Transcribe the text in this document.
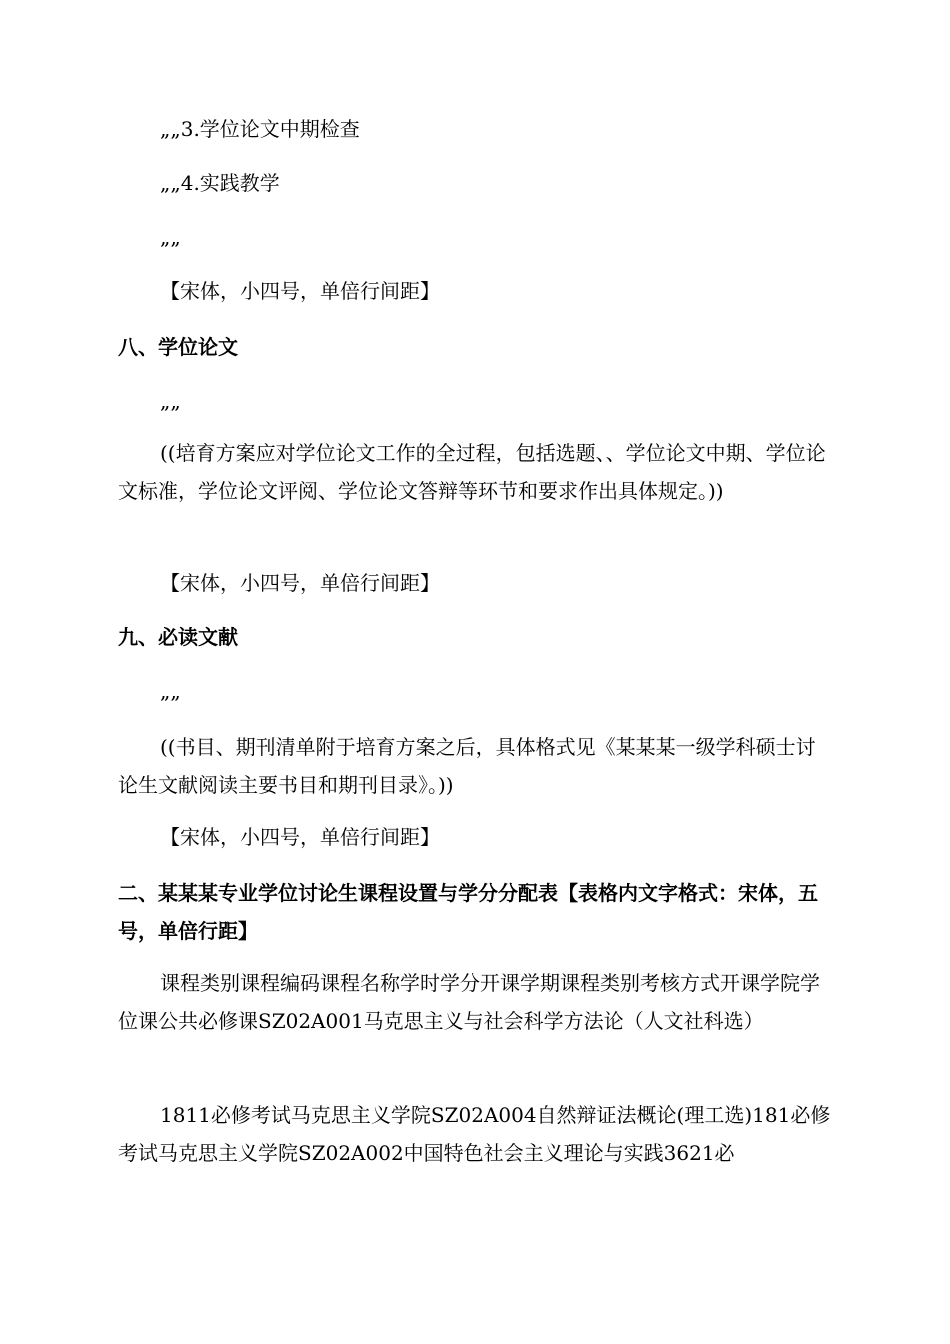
„„3.学位论文中期检查

„„4.实践教学

„„

【宋体，小四号，单倍行间距】

八、学位论文

„„

((培育方案应对学位论文工作的全过程，包括选题、、学位论文中期、学位论文标准，学位论文评阅、学位论文答辩等环节和要求作出具体规定。))

【宋体，小四号，单倍行间距】

九、必读文献

„„

((书目、期刊清单附于培育方案之后，具体格式见《某某某一级学科硕士讨论生文献阅读主要书目和期刊目录》。))

【宋体，小四号，单倍行间距】

二、某某某专业学位讨论生课程设置与学分分配表【表格内文字格式：宋体，五号，单倍行距】

课程类别课程编码课程名称学时学分开课学期课程类别考核方式开课学院学位课公共必修课SZ02A001马克思主义与社会科学方法论（人文社科选）

1811必修考试马克思主义学院SZ02A004自然辩证法概论(理工选)181必修考试马克思主义学院SZ02A002中国特色社会主义理论与实践3621必
